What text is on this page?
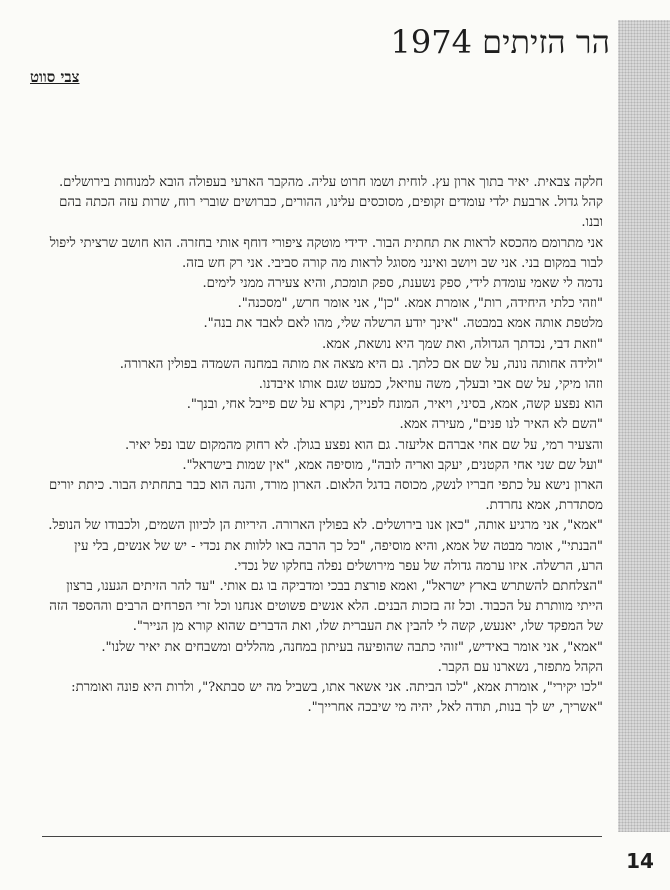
הר הזיתים 1974
צבי סווט

חלקה צבאית. יאיר בתוך ארון עץ. לוחית ושמו חרוט עליה. מהקבר הארעי בעפולה הובא למנוחות בירושלים.

קהל גדול. ארבעת ילדי עומדים זקופים, מסוכסים עלינו, ההורים, כברושים שוברי רוח, שרות עזה הכתה בהם ובנו.

אני מתרומם מהכסא לראות את תחתית הבור. ידידי מוטקה ציפורי דוחף אותי בחזרה. הוא חושב שרציתי ליפול לבור במקום בני. אני שב ויושב ואינני מסוגל לראות מה קורה סביבי. אני רק חש בזה.

נדמה לי שאמי עומדת לידי, ספק נשענת, ספק תומכת, והיא צעירה ממני לימים.

"וזהי כלתי היחידה, רות", אומרת אמא. "כן", אני אומר חרש, "מסכנה".

מלטפת אותה אמא במבטה. "אינך יודע הרשלה שלי, מהו לאם לאבד את בנה".

"וזאת דבי, נכדתך הגדולה, ואת שמך היא נושאת, אמא.

"ולידה אחותה נונה, על שם אם כלתך. גם היא מצאה את מותה במחנה השמדה בפולין הארורה.

וזהו מיקי, על שם אבי ובעלך, משה עוזיאל, כמעט שגם אותו איבדנו.

הוא נפצע קשה, אמא, בסיני, ויאיר, המונח לפנייך, נקרא על שם פייבל אחי, ובנך".

"השם לא האיר לנו פנים", מעירה אמא.

והצעיר רמי, על שם אחי אברהם אליעזר. גם הוא נפצע בגולן. לא רחוק מהמקום שבו נפל יאיר.

"ועל שם שני אחי הקטנים, יעקב ואריה לובה", מוסיפה אמא, "אין שמות בישראל".

הארון נישא על כתפי חבריו לנשק, מכוסה בדגל הלאום. הארון מורד, והנה הוא כבר בתחתית הבור. כיתת יורים מסתדרת, אמא נחרדת.

"אמא", אני מרגיע אותה, "כאן אנו בירושלים. לא בפולין הארורה. היריות הן לכיוון השמים, ולכבודו של הנופל.

"הבנתי", אומר מבטה של אמא, והיא מוסיפה, "כל כך הרבה באו ללוות את נכדי - יש של אנשים, בלי עין הרע, הרשלה. איזו ערמה גדולה של עפר מירושלים נפלה בחלקו של נכדי.

"הצלחתם להשתרש בארץ ישראל", ואמא פורצת בבכי ומדביקה בו גם אותי. "עד להר הזיתים הגענו, ברצון הייתי מוותרת על הכבוד. וכל זה בזכות הבנים. הלא אנשים פשוטים אנחנו וכל זרי הפרחים הרבים וההספד הזה של המפקד שלו, יאנעש, קשה לי להבין את העברית שלו, ואת הדברים שהוא קורא מן הנייר".

"אמא", אני אומר באידיש, "זוהי כתבה שהופיעה בעיתון במחנה, מהללים ומשבחים את יאיר שלנו".

הקהל מתפזר, נשארנו עם הקבר.

"לכו יקירי", אומרת אמא, "לכו הביתה. אני אשאר אתו, בשביל מה יש סבתא?", ולרות היא פונה ואומרת: "אשריך, יש לך בנות, תודה לאל, יהיה מי שיבכה אחרייך".

14
